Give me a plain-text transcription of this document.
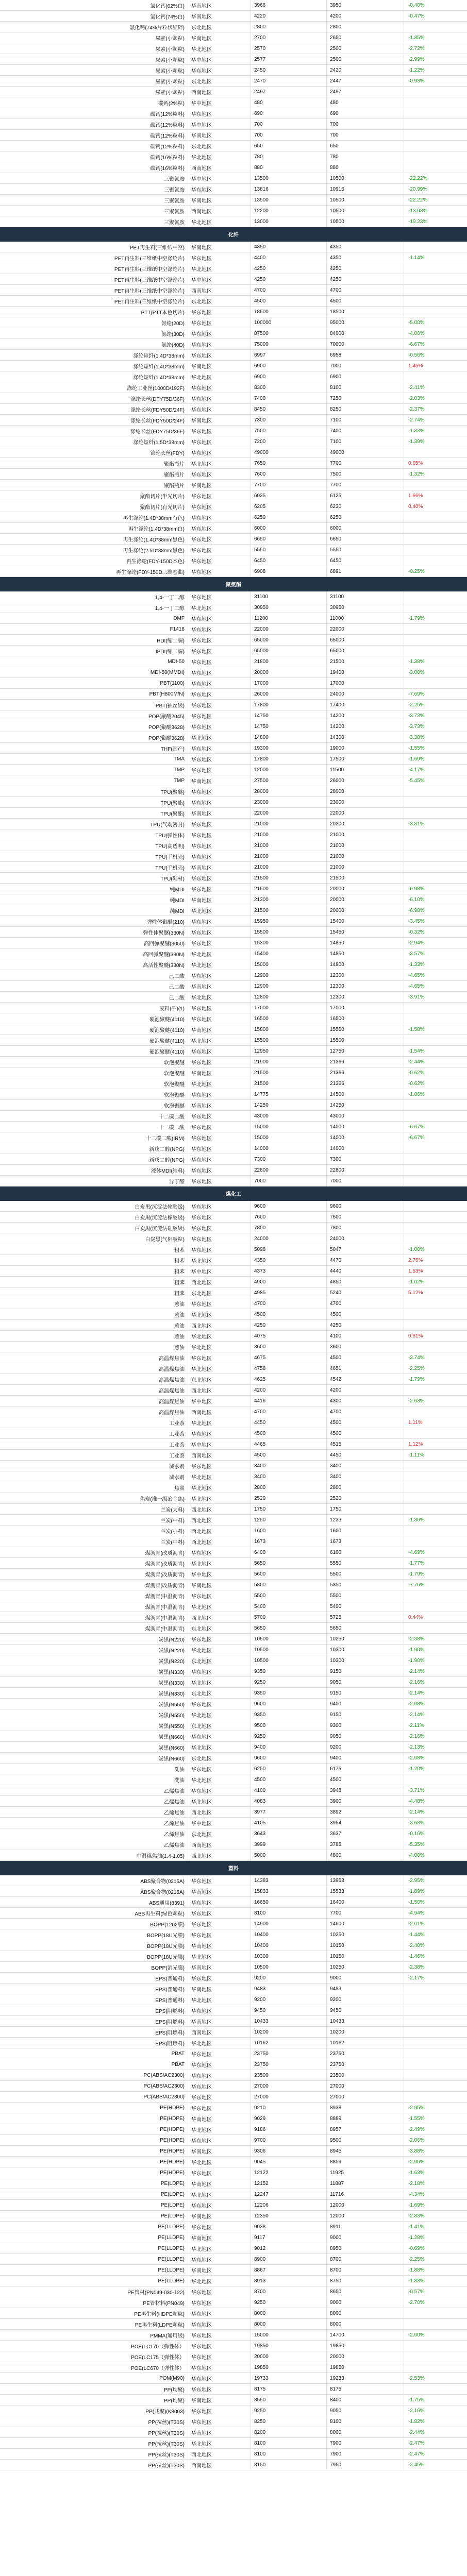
氯化钙(62%白)	华南地区	3966	3950	-0.40%
氯化钙(74%白)	华南地区	4220	4200	-0.47%
氯化钙(74%片粒状红碎)	东北地区	2800	2800
尿素(小颗粒)	华南地区	2700	2650	-1.85%
尿素(小颗粒)	华北地区	2570	2500	-2.72%
尿素(小颗粒)	华中地区	2577	2500	-2.99%
尿素(小颗粒)	华东地区	2450	2420	-1.22%
尿素(小颗粒)	东北地区	2470	2447	-0.93%
尿素(小颗粒)	西南地区	2497	2497
碳钙(2%粒)	华中地区	480	480
碳钙(12%粒料)	华东地区	690	690
碳钙(12%粒料)	华中地区	700	700
碳钙(12%粒料)	华南地区	700	700
碳钙(12%粒料)	东北地区	650	650
碳钙(16%粒料)	华北地区	780	780
碳钙(16%粒料)	西南地区	880	880
三聚氰胺	华中地区	13500	10500	-22.22%
三聚氰胺	华东地区	13816	10916	-20.99%
三聚氰胺	华南地区	13500	10500	-22.22%
三聚氰胺	西南地区	12200	10500	-13.93%
三聚氰胺	华北地区	13000	10500	-19.23%
化纤
PET再生料(三维纸中空)	华南地区	4350	4350
PET再生料(三维纸中空涤纶片)	华东地区	4400	4350	-1.14%
PET再生料(三维纸中空涤纶片)	华北地区	4250	4250
PET再生料(三维纸中空涤纶片)	华中地区	4250	4250
PET再生料(三维纸中空涤纶片)	西南地区	4700	4700
PET再生料(三维纸中空涤纶片)	东北地区	4500	4500
PTT(PTT本色切片)	华东地区	18500	18500
氨纶(20D)	华东地区	100000	95000	-5.00%
氨纶(30D)	华东地区	87500	84000	-4.00%
氨纶(40D)	华东地区	75000	70000	-6.67%
涤纶短纤(1.4D*38mm)	华东地区	6997	6958	-0.56%
涤纶短纤(1.4D*38mm)	华南地区	6900	7000	1.45%
涤纶短纤(1.4D*38mm)	华北地区	6900	6900
涤纶工业丝(1000D/192F)	华东地区	8300	8100	-2.41%
涤纶长丝(DTY75D/36F)	华东地区	7400	7250	-2.03%
涤纶长丝(FDY50D/24F)	华东地区	8450	8250	-2.37%
涤纶长丝(FDY50D/24F)	华南地区	7300	7100	-2.74%
涤纶长丝(FDY75D/36F)	华东地区	7500	7400	-1.33%
涤纶短纤(1.5D*38mm)	华东地区	7200	7100	-1.39%
锦纶长丝(FDY)	华东地区	49000	49000
聚酯瓶片	华北地区	7650	7700	0.65%
聚酯瓶片	华东地区	7600	7500	-1.32%
聚酯瓶片	华南地区	7700	7700
聚酯切片(半光切片)	华东地区	6025	6125	1.66%
聚酯切片(有光切片)	华东地区	6205	6230	0.40%
再生涤纶(1.4D*38mm有色)	华东地区	6250	6250
再生涤纶(1.4D*38mm白)	华东地区	6000	6000
再生涤纶(1.4D*38mm黑色)	华东地区	6650	6650
再生涤纶(2.5D*38mm黑色)	华东地区	5550	5550
再生涤纶(FDY-150D本色)	华东地区	6450	6450
再生涤纶(FDY-150D三维卷曲)	华东地区	6908	6891	-0.25%
聚氨酯
1,4-一丁二醇	华东地区	31100	31100
1,4-一丁二醇	华北地区	30950	30950
DMF	华东地区	11200	11000	-1.79%
F1418	华东地区	22000	22000
HDI(缩二脲)	华东地区	65000	65000
IPDI(缩二脲)	华东地区	65000	65000
MDI-50	华东地区	21800	21500	-1.38%
MDI-50(MMDI)	华东地区	20000	19400	-3.00%
PBT(1100)	华东地区	17000	17000
PBT(H800M/N)	华东地区	26000	24000	-7.69%
PBT(抽丝级)	华东地区	17800	17400	-2.25%
POP(聚醚2045)	华东地区	14750	14200	-3.73%
POP(聚醚3628)	华东地区	14750	14200	-3.73%
POP(聚醚3628)	华北地区	14800	14300	-3.38%
THF(国产)	华东地区	19300	19000	-1.55%
TMA	华东地区	17800	17500	-1.69%
TMP	华东地区	12000	11500	-4.17%
TMP	华南地区	27500	26000	-5.45%
TPU(聚醚)	华东地区	28000	28000
TPU(聚酯)	华东地区	23000	23000
TPU(聚酯)	华南地区	22000	22000
TPU(气动密封)	华东地区	21000	20200	-3.81%
TPU(弹性体)	华东地区	21000	21000
TPU(高透明)	华东地区	21000	21000
TPU(手机壳)	华东地区	21000	21000
TPU(手机壳)	华南地区	21000	21000
TPU(鞋材)	华东地区	21500	21500
纯MDI	华东地区	21500	20000	-6.98%
纯MDI	华南地区	21300	20000	-6.10%
纯MDI	华北地区	21500	20000	-6.98%
弹性体聚醚(210)	华东地区	15950	15400	-3.45%
弹性体聚醚(330N)	华东地区	15500	15450	-0.32%
高回弹聚醚(3050)	华东地区	15300	14850	-2.94%
高回弹聚醚(330N)	华北地区	15400	14850	-3.57%
高活性聚醚(330N)	华北地区	15000	14800	-1.33%
己二酸	华东地区	12900	12300	-4.65%
己二酸	华南地区	12900	12300	-4.65%
己二酸	华北地区	12800	12300	-3.91%
废料(平)(1)	华东地区	17000	17000
硬泡聚醚(4110)	华东地区	16500	16500
硬泡聚醚(4110)	华南地区	15800	15550	-1.58%
硬泡聚醚(4110)	华北地区	15500	15500
硬泡聚醚(4110)	华东地区	12950	12750	-1.54%
软泡聚醚	华东地区	21900	21366	-2.44%
软泡聚醚	华南地区	21500	21366	-0.62%
软泡聚醚	华北地区	21500	21366	-0.62%
软泡聚醚	华东地区	14775	14500	-1.86%
软泡聚醚	华南地区	14250	14250
十二碳二酸	华东地区	43000	43000
十二碳二酸	华东地区	15000	14000	-6.67%
十二碳二酸(IRM)	华东地区	15000	14000	-6.67%
新戊二醇(NPG)	华东地区	14000	14000
新戊二醇(NPG)	华东地区	7300	7300
液体MDI(纯料)	华东地区	22800	22800
异丁醛	华东地区	7000	7000
煤化工
白炭黑(沉淀法轮胎级)	华东地区	9600	9600
白炭黑(沉淀法橡胶级)	华东地区	7600	7600
白炭黑(沉淀法硅胶级)	华东地区	7800	7800
白炭黑(气相胶粒)	华东地区	24000	24000
粗苯	华东地区	5098	5047	-1.00%
粗苯	华北地区	4350	4470	2.76%
粗苯	华中地区	4373	4440	1.53%
粗苯	西北地区	4900	4850	-1.02%
粗苯	东北地区	4985	5240	5.12%
蒽油	华东地区	4700	4700
蒽油	华北地区	4500	4500
蒽油	西北地区	4250	4250
蒽油	华北地区	4075	4100	0.61%
蒽油	华北地区	3600	3600
高温煤焦油	华东地区	4675	4500	-3.74%
高温煤焦油	华北地区	4758	4651	-2.25%
高温煤焦油	东北地区	4625	4542	-1.79%
高温煤焦油	西北地区	4200	4200
高温煤焦油	华中地区	4416	4300	-2.63%
高温煤焦油	西南地区	4700	4700
工业萘	华北地区	4450	4500	1.11%
工业萘	华东地区	4500	4500
工业萘	华中地区	4465	4515	1.12%
工业萘	西南地区	4500	4450	-1.11%
减水剂	华东地区	3400	3400
减水剂	华北地区	3400	3400
焦炭	华北地区	2800	2800
焦炭(准一级冶金焦)	华北地区	2520	2520
兰炭(大料)	西北地区	1750	1750
兰炭(中料)	西北地区	1250	1233	-1.36%
兰炭(小料)	西北地区	1600	1600
兰炭(中料)	西北地区	1673	1673
煤沥青(改质沥青)	华东地区	6400	6100	-4.69%
煤沥青(改质沥青)	华北地区	5650	5550	-1.77%
煤沥青(改质沥青)	华中地区	5600	5500	-1.79%
煤沥青(改质沥青)	华南地区	5800	5350	-7.76%
煤沥青(中温沥青)	华东地区	5500	5500
煤沥青(中温沥青)	华北地区	5400	5400
煤沥青(中温沥青)	西北地区	5700	5725	0.44%
煤沥青(中温沥青)	东北地区	5650	5650
炭黑(N220)	华东地区	10500	10250	-2.38%
炭黑(N220)	华北地区	10500	10300	-1.90%
炭黑(N220)	东北地区	10500	10300	-1.90%
炭黑(N330)	华东地区	9350	9150	-2.14%
炭黑(N330)	华北地区	9250	9050	-2.16%
炭黑(N330)	东北地区	9350	9150	-2.14%
炭黑(N550)	华东地区	9600	9400	-2.08%
炭黑(N550)	华北地区	9350	9150	-2.14%
炭黑(N550)	东北地区	9500	9300	-2.11%
炭黑(N660)	华东地区	9250	9050	-2.16%
炭黑(N660)	华北地区	9400	9200	-2.13%
炭黑(N660)	东北地区	9600	9400	-2.08%
洗油	华东地区	6250	6175	-1.20%
洗油	华北地区	4500	4500
乙烯焦油	华东地区	4100	3948	-3.71%
乙烯焦油	华北地区	4083	3900	-4.48%
乙烯焦油	西北地区	3977	3892	-2.14%
乙烯焦油	华中地区	4105	3954	-3.68%
乙烯焦油	东北地区	3643	3637	-0.16%
乙烯焦油	西南地区	3999	3785	-5.35%
中温煤焦油(1.4-1.05)	西北地区	5000	4800	-4.00%
塑料
ABS聚合物(0215A)	华东地区	14383	13958	-2.95%
ABS聚合物(0215A)	华南地区	15833	15533	-1.89%
ABS通用(8391)	华东地区	16650	16400	-1.50%
ABS再生料(绿色颗粒)	华东地区	8100	7700	-4.94%
BOPP(1202膜)	华东地区	14900	14600	-2.01%
BOPP(18U光膜)	华东地区	10400	10250	-1.44%
BOPP(18U光膜)	华南地区	10400	10150	-2.40%
BOPP(18U光膜)	华北地区	10300	10150	-1.46%
BOPP(消光膜)	华南地区	10500	10250	-2.38%
EPS(普通料)	华东地区	9200	9000	-2.17%
EPS(普通料)	华南地区	9483	9483
EPS(普通料)	华北地区	9200	9200
EPS(阻燃料)	华东地区	9450	9450
EPS(阻燃料)	华南地区	10433	10433
EPS(阻燃料)	西南地区	10200	10200
EPS(阻燃料)	华北地区	10162	10162
PBAT	华东地区	23750	23750
PBAT	华东地区	23750	23750
PC(ABS/AC2300)	华东地区	23500	23500
PC(ABS/AC2300)	华东地区	27000	27000
PC(ABS/AC2300)	华东地区	27000	27000
PE(HDPE)	华东地区	9210	8938	-2.95%
PE(HDPE)	华南地区	9029	8889	-1.55%
PE(HDPE)	华北地区	9186	8957	-2.49%
PE(HDPE)	华东地区	9700	9500	-2.06%
PE(HDPE)	华南地区	9306	8945	-3.88%
PE(HDPE)	华北地区	9045	8859	-2.06%
PE(HDPE)	华东地区	12122	11925	-1.63%
PE(LDPE)	华南地区	12152	11887	-2.18%
PE(LDPE)	华北地区	12247	11716	-4.34%
PE(LDPE)	华东地区	12206	12000	-1.69%
PE(LDPE)	华南地区	12350	12000	-2.83%
PE(LLDPE)	华东地区	9038	8911	-1.41%
PE(LLDPE)	华南地区	9117	9000	-1.28%
PE(LLDPE)	华北地区	9012	8950	-0.69%
PE(LLDPE)	华东地区	8900	8700	-2.25%
PE(LLDPE)	华南地区	8867	8700	-1.88%
PE(LLDPE)	华北地区	8913	8750	-1.83%
PE管材(PN049-030-122)	华东地区	8700	8650	-0.57%
PE管材料(PN049)	华东地区	9250	9000	-2.70%
PE再生料(HDPE颗粒)	华东地区	8000	8000
PE再生料(LDPE颗粒)	华东地区	8000	8000
PMMA(通用级)	华东地区	15000	14700	-2.00%
POE(LC170（弹性体）	华东地区	19850	19850
POE(LC175（弹性体）	华东地区	20000	20000
POE(LC670（弹性体）	华东地区	19850	19850
POM(M90)	华东地区	19733	19233	-2.53%
PP(均聚)	华东地区	8175	8175
PP(均聚)	华南地区	8550	8400	-1.75%
PP(共聚)(K8003)	华东地区	9250	9050	-2.16%
PP(拉丝)(T30S)	华东地区	8250	8100	-1.82%
PP(拉丝)(T30S)	华南地区	8200	8000	-2.44%
PP(拉丝)(T30S)	华北地区	8100	7900	-2.47%
PP(拉丝)(T30S)	西北地区	8100	7900	-2.47%
PP(拉丝)(T30S)	西南地区	8150	7950	-2.45%
